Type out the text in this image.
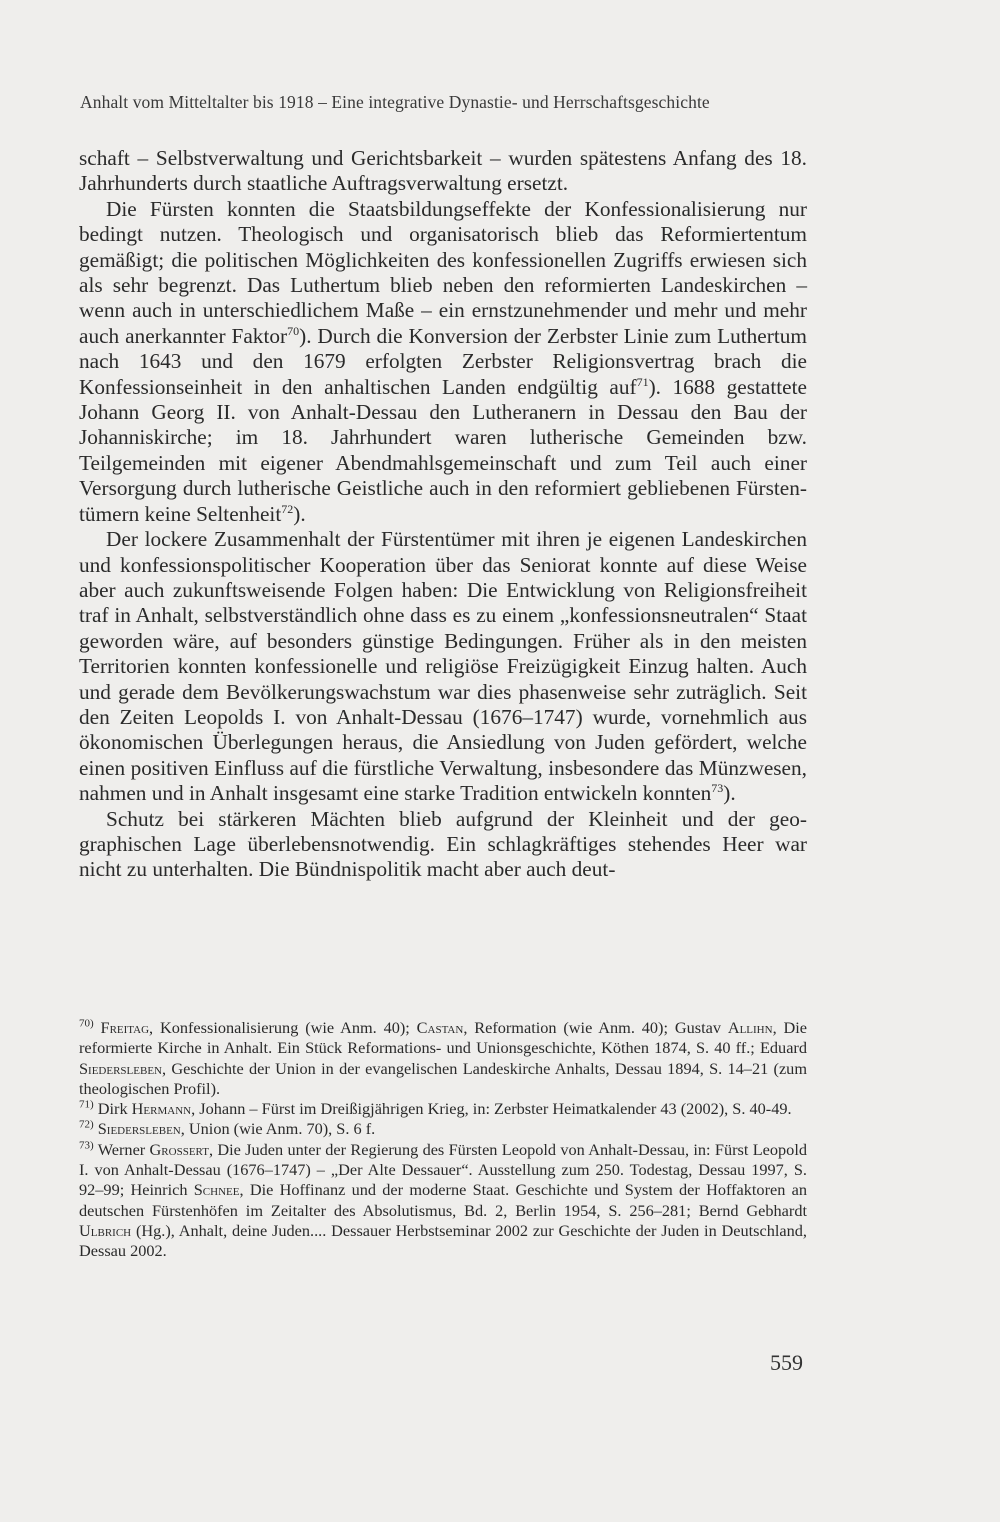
Anhalt vom Mitteltalter bis 1918 – Eine integrative Dynastie- und Herrschaftsgeschichte

schaft – Selbstverwaltung und Gerichtsbarkeit – wurden spätestens Anfang des 18. Jahrhunderts durch staatliche Auftragsverwaltung ersetzt.

Die Fürsten konnten die Staatsbildungseffekte der Konfessionalisierung nur bedingt nutzen. Theologisch und organisatorisch blieb das Reformiertentum gemäßigt; die politischen Möglichkeiten des konfessionellen Zugriffs erwiesen sich als sehr begrenzt. Das Luthertum blieb neben den reformierten Landeskirchen – wenn auch in unterschiedlichem Maße – ein ernstzunehmender und mehr und mehr auch anerkannter Faktor$^{70}$). Durch die Konversion der Zerbster Linie zum Luthertum nach 1643 und den 1679 erfolgten Zerbster Religionsvertrag brach die Konfessionseinheit in den anhaltischen Landen endgültig auf$^{71}$). 1688 gestattete Johann Georg II. von Anhalt-Dessau den Lutheranern in Dessau den Bau der Johanniskirche; im 18. Jahrhundert waren lutherische Gemeinden bzw. Teilgemeinden mit eigener Abendmahlsgemeinschaft und zum Teil auch einer Versorgung durch lutherische Geistliche auch in den reformiert gebliebenen Fürstentümern keine Seltenheit$^{72}$).

Der lockere Zusammenhalt der Fürstentümer mit ihren je eigenen Landeskirchen und konfessionspolitischer Kooperation über das Seniorat konnte auf diese Weise aber auch zukunftsweisende Folgen haben: Die Entwicklung von Religionsfreiheit traf in Anhalt, selbstverständlich ohne dass es zu einem „konfessionsneutralen“ Staat geworden wäre, auf besonders günstige Bedingungen. Früher als in den meisten Territorien konnten konfessionelle und religiöse Freizügigkeit Einzug halten. Auch und gerade dem Bevölkerungswachstum war dies phasenweise sehr zuträglich. Seit den Zeiten Leopolds I. von Anhalt-Dessau (1676–1747) wurde, vornehmlich aus ökonomischen Überlegungen heraus, die Ansiedlung von Juden gefördert, welche einen positiven Einfluss auf die fürstliche Verwaltung, insbesondere das Münzwesen, nahmen und in Anhalt insgesamt eine starke Tradition entwickeln konnten$^{73}$).

Schutz bei stärkeren Mächten blieb aufgrund der Kleinheit und der geographischen Lage überlebensnotwendig. Ein schlagkräftiges stehendes Heer war nicht zu unterhalten. Die Bündnispolitik macht aber auch deut-

$^{70)}$ Freitag, Konfessionalisierung (wie Anm. 40); Castan, Reformation (wie Anm. 40); Gustav Allihn, Die reformierte Kirche in Anhalt. Ein Stück Reformations- und Unionsgeschichte, Köthen 1874, S. 40 ff.; Eduard Siedersleben, Geschichte der Union in der evangelischen Landeskirche Anhalts, Dessau 1894, S. 14–21 (zum theologischen Profil).

$^{71)}$ Dirk Hermann, Johann – Fürst im Dreißigjährigen Krieg, in: Zerbster Heimatkalender 43 (2002), S. 40-49.

$^{72)}$ Siedersleben, Union (wie Anm. 70), S. 6 f.

$^{73)}$ Werner Grossert, Die Juden unter der Regierung des Fürsten Leopold von Anhalt-Dessau, in: Fürst Leopold I. von Anhalt-Dessau (1676–1747) – „Der Alte Dessauer“. Ausstellung zum 250. Todestag, Dessau 1997, S. 92–99; Heinrich Schnee, Die Hoffinanz und der moderne Staat. Geschichte und System der Hoffaktoren an deutschen Fürstenhöfen im Zeitalter des Absolutismus, Bd. 2, Berlin 1954, S. 256–281; Bernd Gebhardt Ulbrich (Hg.), Anhalt, deine Juden.... Dessauer Herbstseminar 2002 zur Geschichte der Juden in Deutschland, Dessau 2002.

559
